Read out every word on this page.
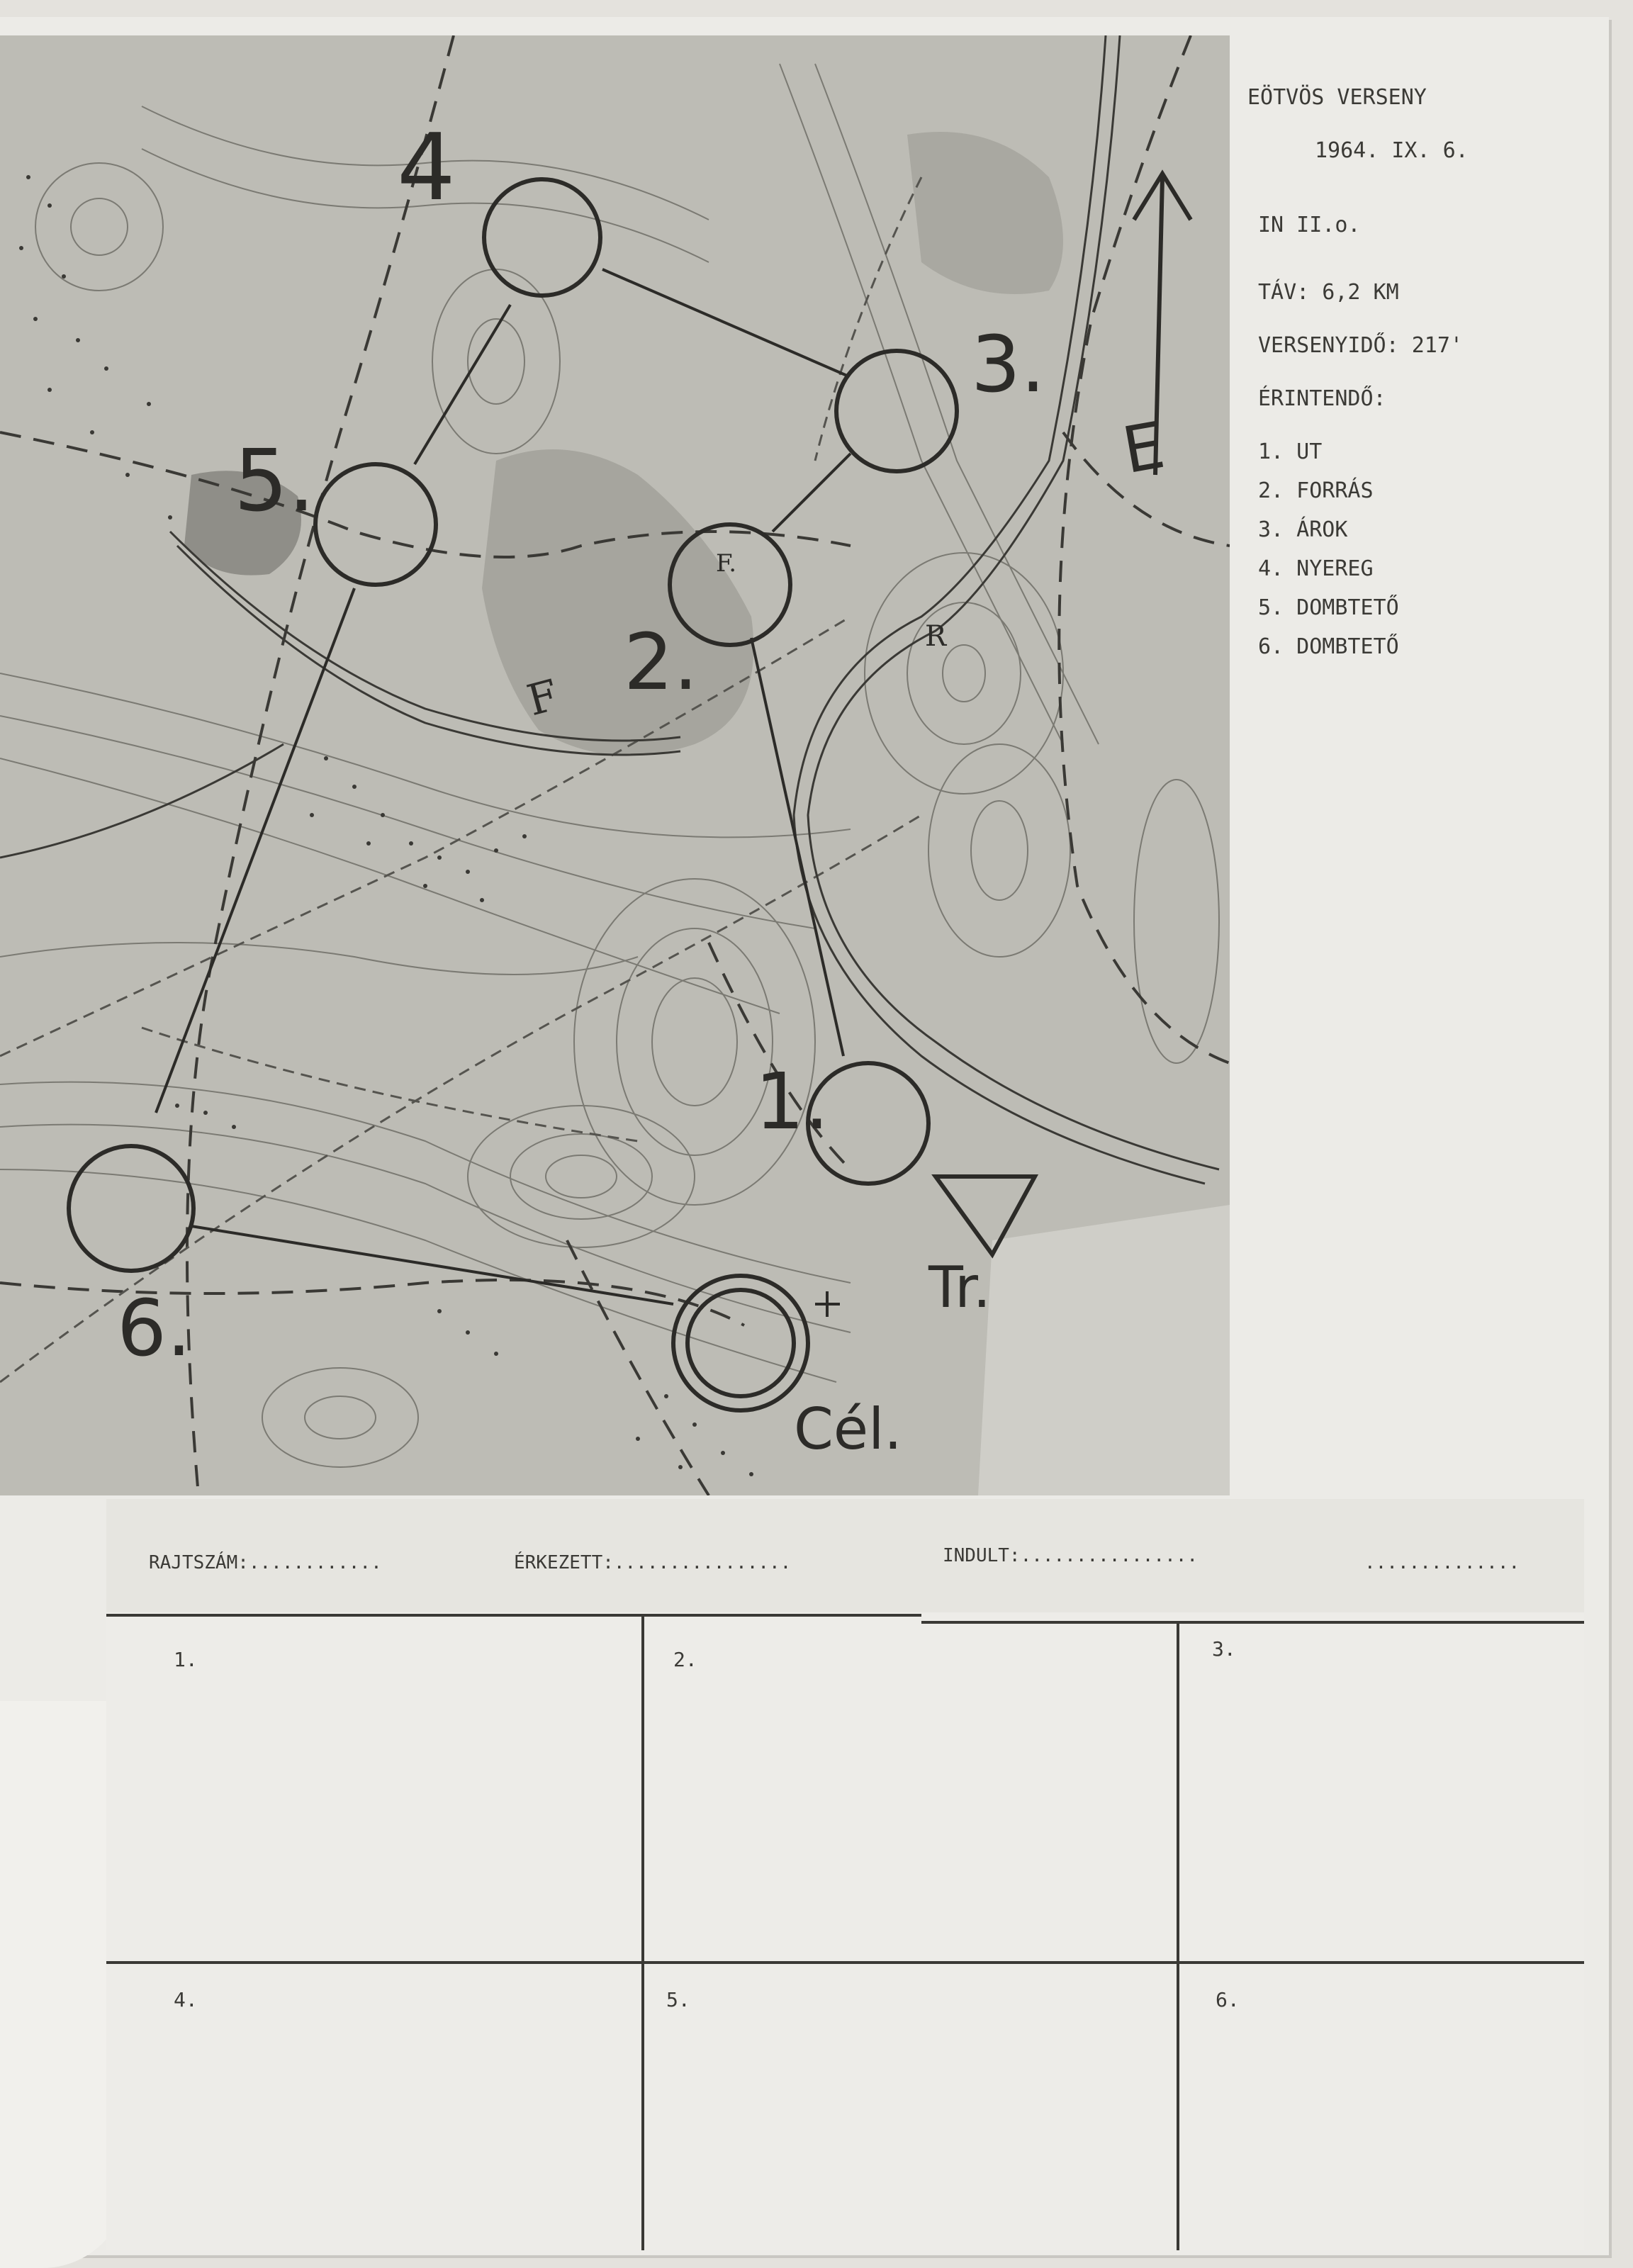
4
3.
5.
2.
1.
6.	Tr.
Cél.
E
F
R
F.
EÖTVÖS VERSENY
1964. IX. 6.
IN II.o.
TÁV: 6,2 KM
VERSENYIDŐ: 217'
ÉRINTENDŐ:
1. UT
2. FORRÁS
3. ÁROK
4. NYEREG
5. DOMBTETŐ
6. DOMBTETŐ
RAJTSZÁM:............	ÉRKEZETT:................	INDULT:................	..............
1.	2.	3.
4.	5.	6.
